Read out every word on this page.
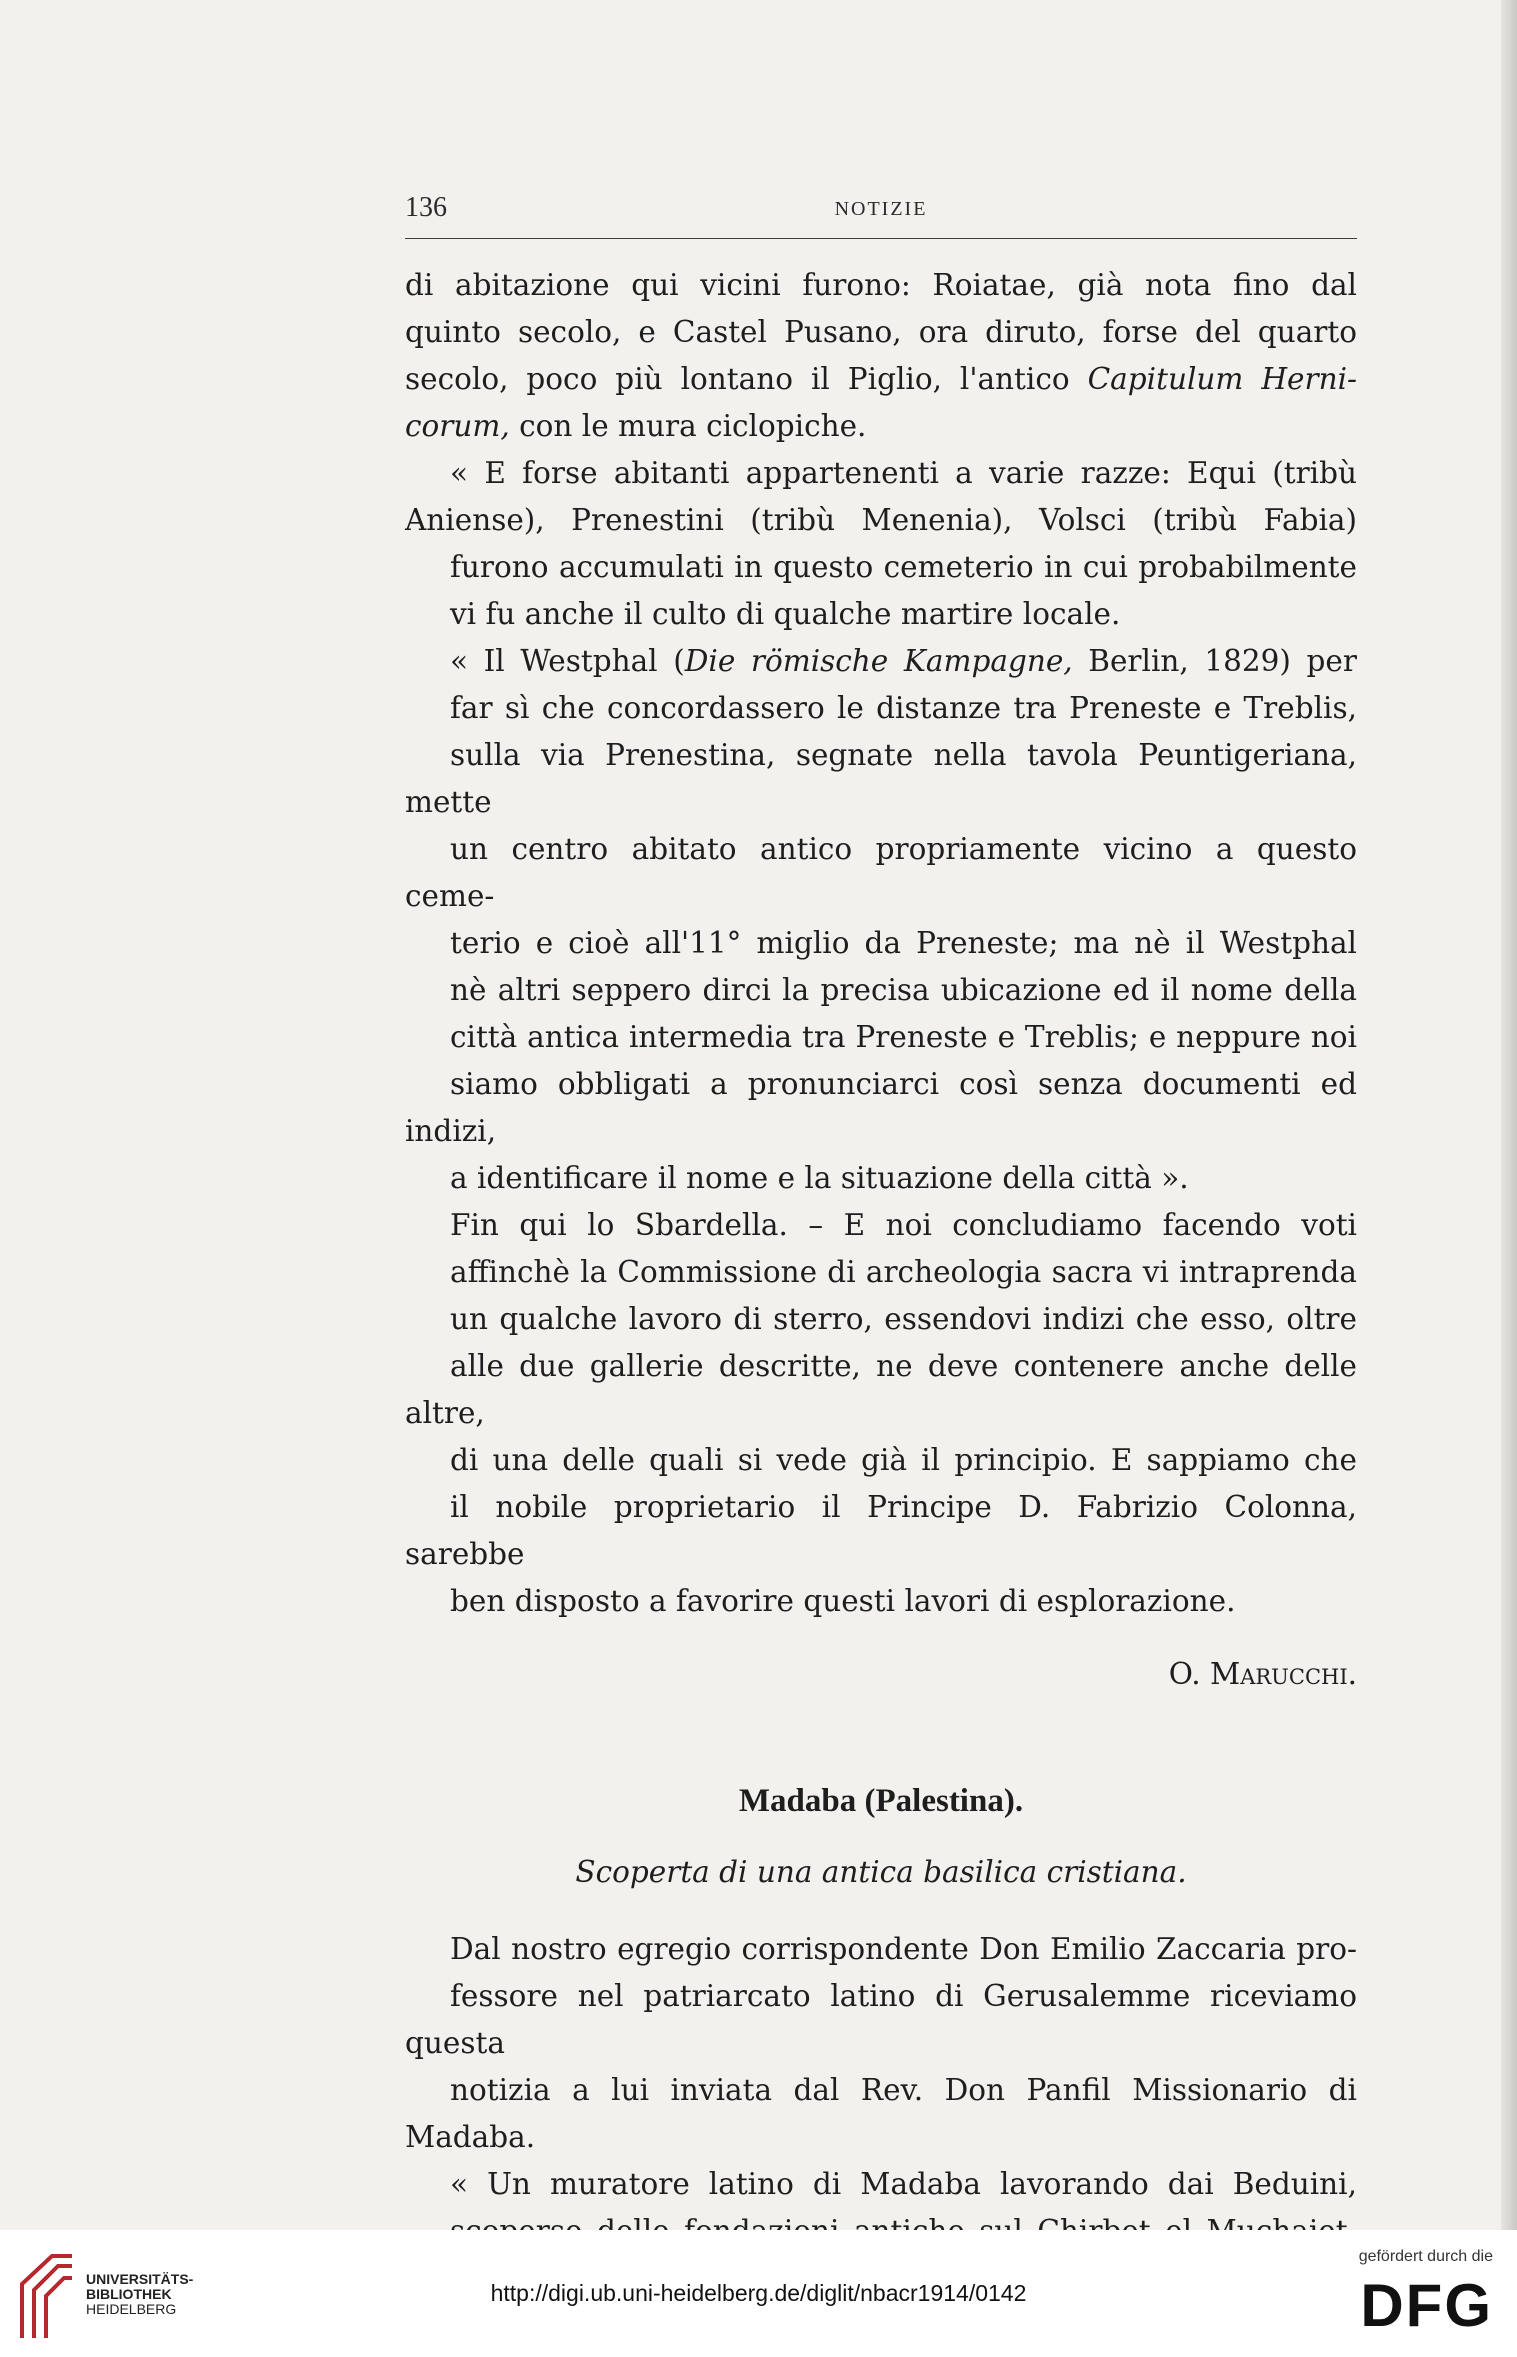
136	NOTIZIE

di abitazione qui vicini furono: Roiatae, già nota fino dal
quinto secolo, e Castel Pusano, ora diruto, forse del quarto
secolo, poco più lontano il Piglio, l'antico Capitulum Herni-
corum, con le mura ciclopiche.

« E forse abitanti appartenenti a varie razze: Equi (tribù
Aniense), Prenestini (tribù Menenia), Volsci (tribù Fabia)
furono accumulati in questo cemeterio in cui probabilmente
vi fu anche il culto di qualche martire locale.

« Il Westphal (Die römische Kampagne, Berlin, 1829) per
far sì che concordassero le distanze tra Preneste e Treblis,
sulla via Prenestina, segnate nella tavola Peuntigeriana, mette
un centro abitato antico propriamente vicino a questo ceme-
terio e cioè all'11° miglio da Preneste; ma nè il Westphal
nè altri seppero dirci la precisa ubicazione ed il nome della
città antica intermedia tra Preneste e Treblis; e neppure noi
siamo obbligati a pronunciarci così senza documenti ed indizi,
a identificare il nome e la situazione della città ».

Fin qui lo Sbardella. – E noi concludiamo facendo voti
affinchè la Commissione di archeologia sacra vi intraprenda
un qualche lavoro di sterro, essendovi indizi che esso, oltre
alle due gallerie descritte, ne deve contenere anche delle altre,
di una delle quali si vede già il principio. E sappiamo che
il nobile proprietario il Principe D. Fabrizio Colonna, sarebbe
ben disposto a favorire questi lavori di esplorazione.

O. Marucchi.
Madaba (Palestina).
Scoperta di una antica basilica cristiana.

Dal nostro egregio corrispondente Don Emilio Zaccaria pro-
fessore nel patriarcato latino di Gerusalemme riceviamo questa
notizia a lui inviata dal Rev. Don Panfil Missionario di Madaba.

« Un muratore latino di Madaba lavorando dai Beduini,

UNIVERSITÄTS-
BIBLIOTHEK
HEIDELBERG
http://digi.ub.uni-heidelberg.de/diglit/nbacr1914/0142
gefördert durch die
DFG
